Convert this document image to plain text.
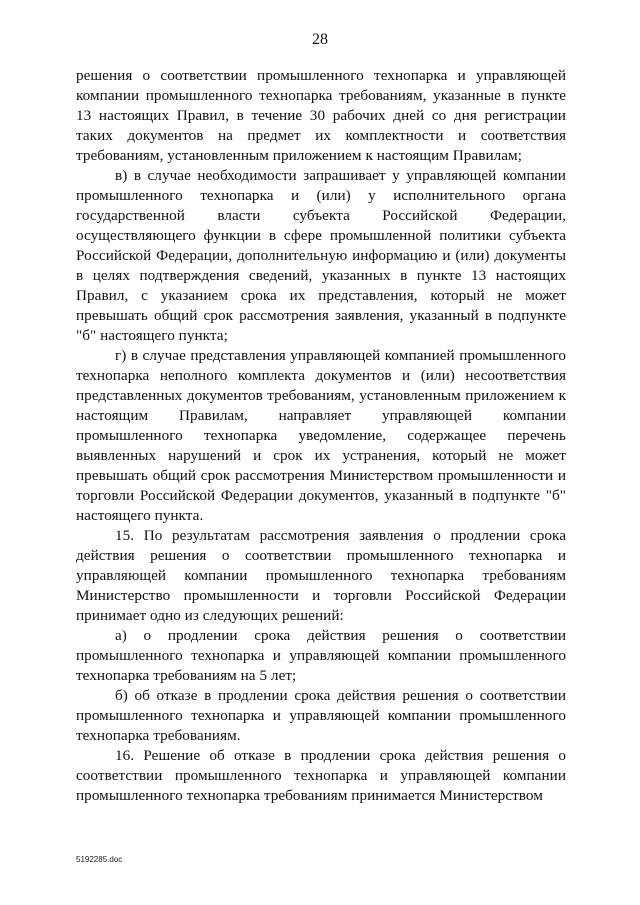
28

решения о соответствии промышленного технопарка и управляющей компании промышленного технопарка требованиям, указанные в пункте 13 настоящих Правил, в течение 30 рабочих дней со дня регистрации таких документов на предмет их комплектности и соответствия требованиям, установленным приложением к настоящим Правилам;

в) в случае необходимости запрашивает у управляющей компании промышленного технопарка и (или) у исполнительного органа государственной власти субъекта Российской Федерации, осуществляющего функции в сфере промышленной политики субъекта Российской Федерации, дополнительную информацию и (или) документы в целях подтверждения сведений, указанных в пункте 13 настоящих Правил, с указанием срока их представления, который не может превышать общий срок рассмотрения заявления, указанный в подпункте "б" настоящего пункта;

г) в случае представления управляющей компанией промышленного технопарка неполного комплекта документов и (или) несоответствия представленных документов требованиям, установленным приложением к настоящим Правилам, направляет управляющей компании промышленного технопарка уведомление, содержащее перечень выявленных нарушений и срок их устранения, который не может превышать общий срок рассмотрения Министерством промышленности и торговли Российской Федерации документов, указанный в подпункте "б" настоящего пункта.

15. По результатам рассмотрения заявления о продлении срока действия решения о соответствии промышленного технопарка и управляющей компании промышленного технопарка требованиям Министерство промышленности и торговли Российской Федерации принимает одно из следующих решений:

а) о продлении срока действия решения о соответствии промышленного технопарка и управляющей компании промышленного технопарка требованиям на 5 лет;

б) об отказе в продлении срока действия решения о соответствии промышленного технопарка и управляющей компании промышленного технопарка требованиям.

16. Решение об отказе в продлении срока действия решения о соответствии промышленного технопарка и управляющей компании промышленного технопарка требованиям принимается Министерством

5192285.doc
